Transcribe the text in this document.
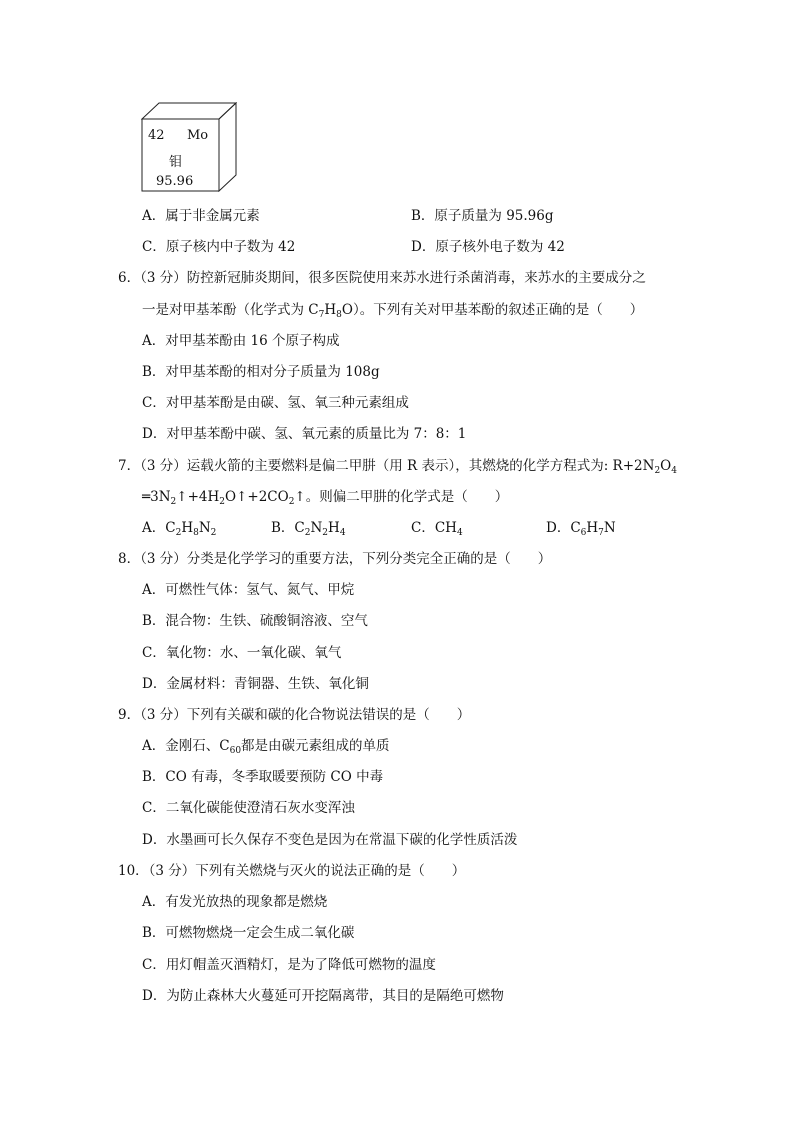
42 Mo
钼
95.96
A．属于非金属元素	B．原子质量为 95.96g
C．原子核内中子数为 42	D．原子核外电子数为 42
6．（3 分）防控新冠肺炎期间，很多医院使用来苏水进行杀菌消毒，来苏水的主要成分之
一是对甲基苯酚（化学式为 $C_7H_8O$）。下列有关对甲基苯酚的叙述正确的是（　　）
A．对甲基苯酚由 16 个原子构成
B．对甲基苯酚的相对分子质量为 108g
C．对甲基苯酚是由碳、氢、氧三种元素组成
D．对甲基苯酚中碳、氢、氧元素的质量比为 7：8：1
7．（3 分）运载火箭的主要燃料是偏二甲肼（用 R 表示），其燃烧的化学方程式为: $R+2N_2O_4$
$═3N_2↑+4H_2O↑+2CO_2↑$。则偏二甲肼的化学式是（　　）
A．$C_2H_8N_2$	B．$C_2N_2H_4$	C．$CH_4$	D．$C_6H_7N$
8．（3 分）分类是化学学习的重要方法，下列分类完全正确的是（　　）
A．可燃性气体：氢气、氮气、甲烷
B．混合物：生铁、硫酸铜溶液、空气
C．氧化物：水、一氧化碳、氧气
D．金属材料：青铜器、生铁、氧化铜
9．（3 分）下列有关碳和碳的化合物说法错误的是（　　）
A．金刚石、$C_{60}$都是由碳元素组成的单质
B．CO 有毒，冬季取暖要预防 CO 中毒
C．二氧化碳能使澄清石灰水变浑浊
D．水墨画可长久保存不变色是因为在常温下碳的化学性质活泼
10．（3 分）下列有关燃烧与灭火的说法正确的是（　　）
A．有发光放热的现象都是燃烧
B．可燃物燃烧一定会生成二氧化碳
C．用灯帽盖灭酒精灯，是为了降低可燃物的温度
D．为防止森林大火蔓延可开挖隔离带，其目的是隔绝可燃物
